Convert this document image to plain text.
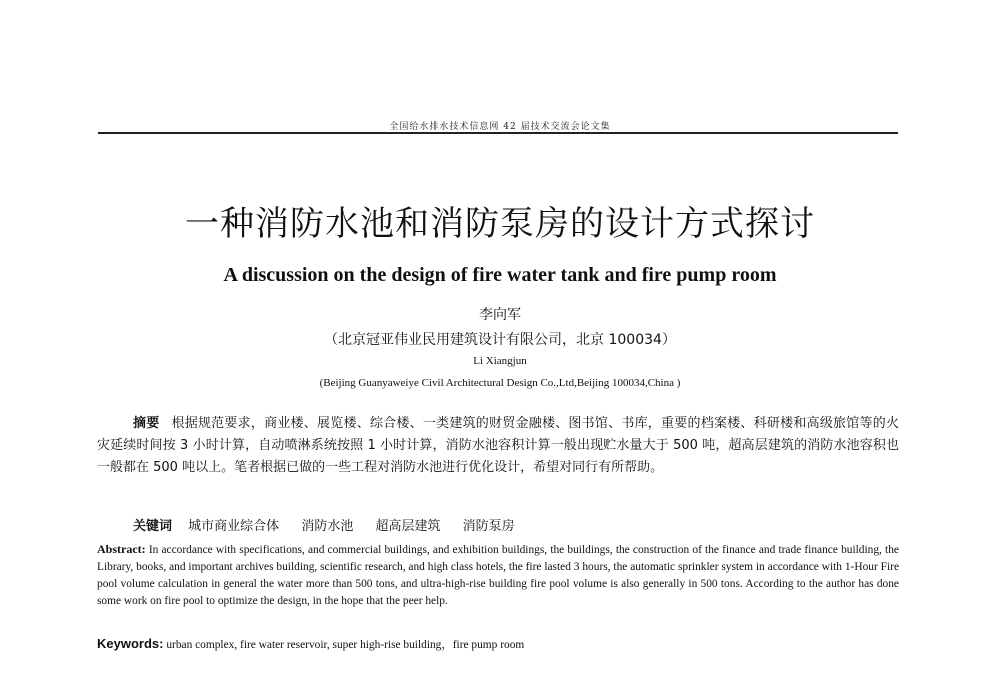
全国给水排水技术信息网 42 届技术交流会论文集
一种消防水池和消防泵房的设计方式探讨
A discussion on the design of fire water tank and fire pump room
李向军
（北京冠亚伟业民用建筑设计有限公司，北京 100034）
Li Xiangjun
(Beijing Guanyaweiye Civil Architectural Design Co.,Ltd,Beijing 100034,China )
摘要 根据规范要求，商业楼、展览楼、综合楼、一类建筑的财贸金融楼、图书馆、书库，重要的档案楼、科研楼和高级旅馆等的火灾延续时间按 3 小时计算，自动喷淋系统按照 1 小时计算，消防水池容积计算一般出现贮水量大于 500 吨，超高层建筑的消防水池容积也一般都在 500 吨以上。笔者根据已做的一些工程对消防水池进行优化设计，希望对同行有所帮助。
关键词 城市商业综合体 消防水池 超高层建筑 消防泵房
Abstract: In accordance with specifications, and commercial buildings, and exhibition buildings, the buildings, the construction of the finance and trade finance building, the Library, books, and important archives building, scientific research, and high class hotels, the fire lasted 3 hours, the automatic sprinkler system in accordance with 1-Hour Fire pool volume calculation in general the water more than 500 tons, and ultra-high-rise building fire pool volume is also generally in 500 tons. According to the author has done some work on fire pool to optimize the design, in the hope that the peer help.
Keywords: urban complex, fire water reservoir, super high-rise building，fire pump room
